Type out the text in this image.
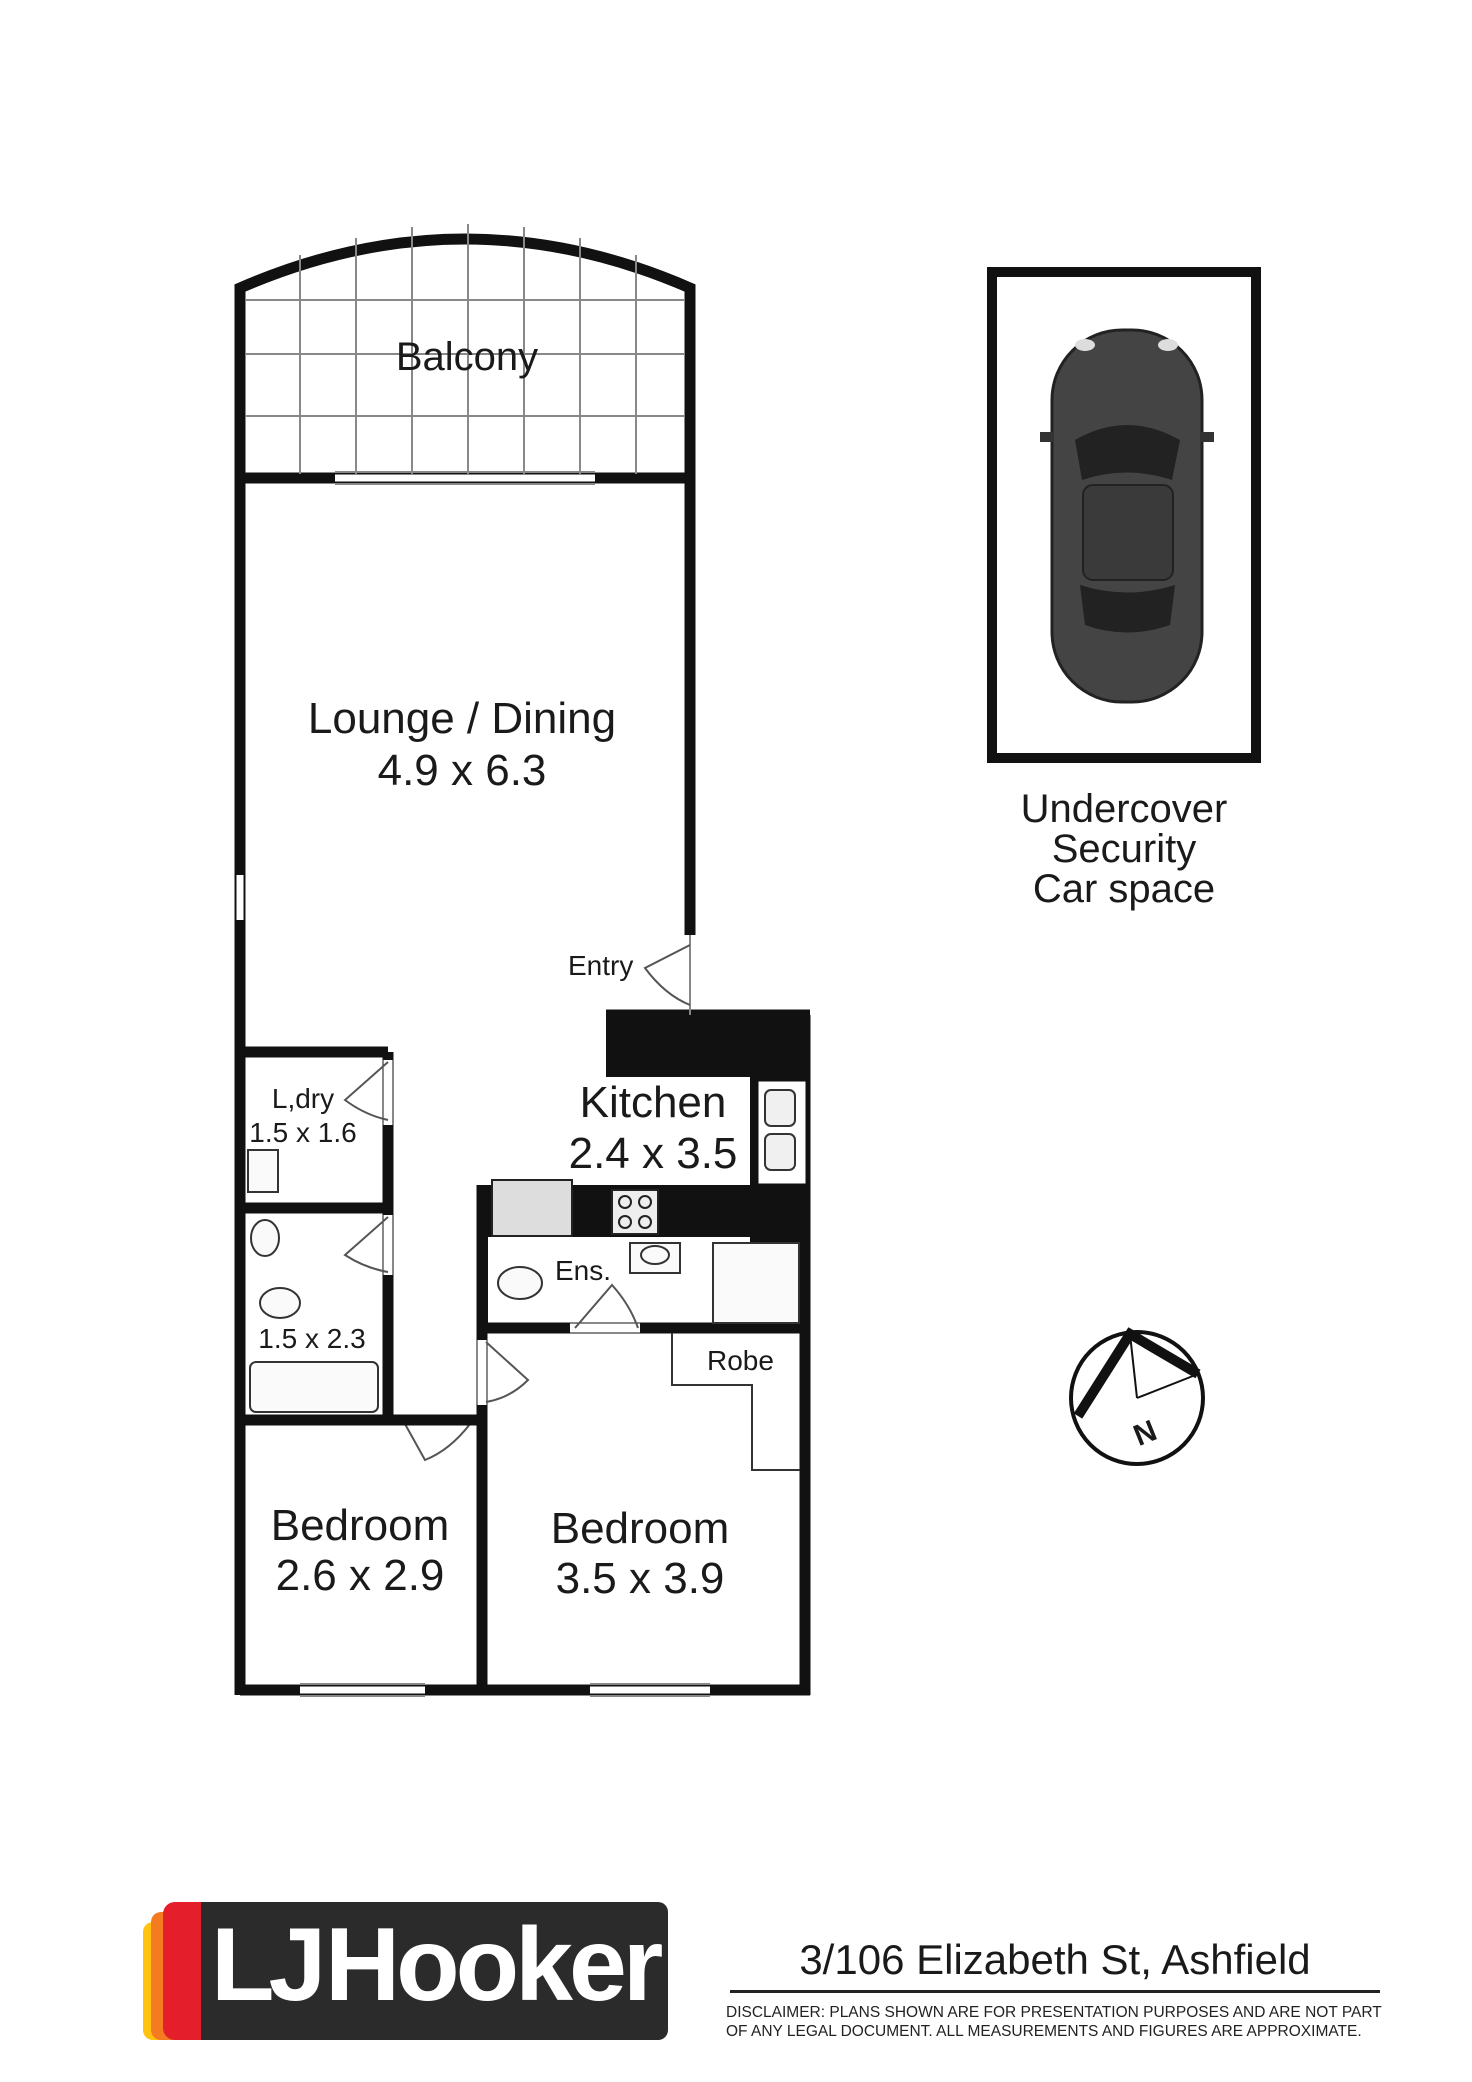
Balcony
Entry
Lounge / Dining
4.9 x 6.3
Kitchen
2.4 x 3.5
L,dry
1.5 x 1.6
1.5 x 2.3
Ens.
Robe
Bedroom
2.6 x 2.9
Bedroom
3.5 x 3.9
Undercover
Security
Car space
N
LJ Hooker	3/106 Elizabeth St, Ashfield
DISCLAIMER: PLANS SHOWN ARE FOR PRESENTATION PURPOSES AND ARE NOT PART
OF ANY LEGAL DOCUMENT. ALL MEASUREMENTS AND FIGURES ARE APPROXIMATE.
